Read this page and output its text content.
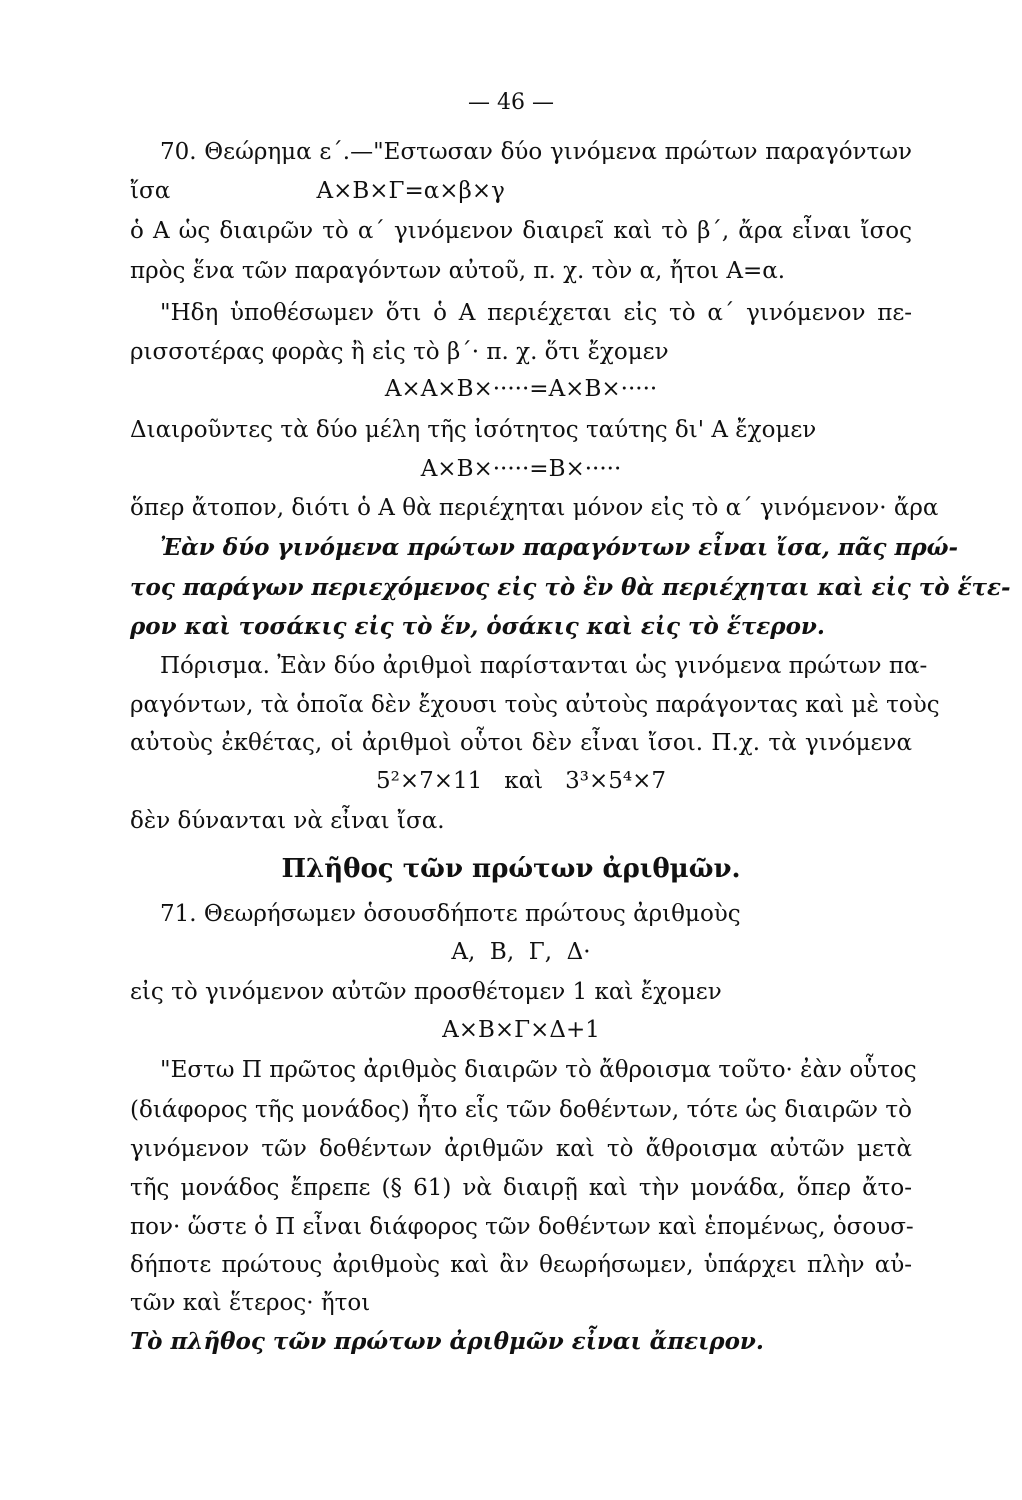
— 46 —
70. Θεώρημα ε΄.—"Εστωσαν δύο γινόμενα πρώτων παραγόντων
ἴσα                    Α×Β×Γ=α×β×γ
ὁ Α ὡς διαιρῶν τὸ α΄ γινόμενον διαιρεῖ καὶ τὸ β΄, ἄρα εἶναι ἴσος
πρὸς ἕνα τῶν παραγόντων αὐτοῦ, π. χ. τὸν α, ἤτοι Α=α.
"Ηδη ὑποθέσωμεν ὅτι ὁ Α περιέχεται εἰς τὸ α΄ γινόμενον πε-
ρισσοτέρας φορὰς ἢ εἰς τὸ β΄· π. χ. ὅτι ἔχομεν
Α×Α×Β×·····=Α×Β×·····
Διαιροῦντες τὰ δύο μέλη τῆς ἰσότητος ταύτης δι' Α ἔχομεν
Α×Β×·····=Β×·····
ὅπερ ἄτοπον, διότι ὁ Α θὰ περιέχηται μόνον εἰς τὸ α΄ γινόμενον· ἄρα
Ἐὰν δύο γινόμενα πρώτων παραγόντων εἶναι ἴσα, πᾶς πρώ-
τος παράγων περιεχόμενος εἰς τὸ ἓν θὰ περιέχηται καὶ εἰς τὸ ἕτε-
ρον καὶ τοσάκις εἰς τὸ ἕν, ὁσάκις καὶ εἰς τὸ ἕτερον.
Πόρισμα. Ἐὰν δύο ἀριθμοὶ παρίστανται ὡς γινόμενα πρώτων πα-
ραγόντων, τὰ ὁποῖα δὲν ἔχουσι τοὺς αὐτοὺς παράγοντας καὶ μὲ τοὺς
αὐτοὺς ἐκθέτας, οἱ ἀριθμοὶ οὗτοι δὲν εἶναι ἴσοι. Π.χ. τὰ γινόμενα
5²×7×11   καὶ   3³×5⁴×7
δὲν δύνανται νὰ εἶναι ἴσα.
Πλῆθος τῶν πρώτων ἀριθμῶν.
71. Θεωρήσωμεν ὁσουσδήποτε πρώτους ἀριθμοὺς
Α,  Β,  Γ,  Δ·
εἰς τὸ γινόμενον αὐτῶν προσθέτομεν 1 καὶ ἔχομεν
Α×Β×Γ×Δ+1
"Εστω Π πρῶτος ἀριθμὸς διαιρῶν τὸ ἄθροισμα τοῦτο· ἐὰν οὗτος
(διάφορος τῆς μονάδος) ἦτο εἷς τῶν δοθέντων, τότε ὡς διαιρῶν τὸ
γινόμενον τῶν δοθέντων ἀριθμῶν καὶ τὸ ἄθροισμα αὐτῶν μετὰ
τῆς μονάδος ἔπρεπε (§ 61) νὰ διαιρῇ καὶ τὴν μονάδα, ὅπερ ἄτο-
πον· ὥστε ὁ Π εἶναι διάφορος τῶν δοθέντων καὶ ἑπομένως, ὁσουσ-
δήποτε πρώτους ἀριθμοὺς καὶ ἂν θεωρήσωμεν, ὑπάρχει πλὴν αὐ-
τῶν καὶ ἕτερος· ἤτοι
Τὸ πλῆθος τῶν πρώτων ἀριθμῶν εἶναι ἄπειρον.
